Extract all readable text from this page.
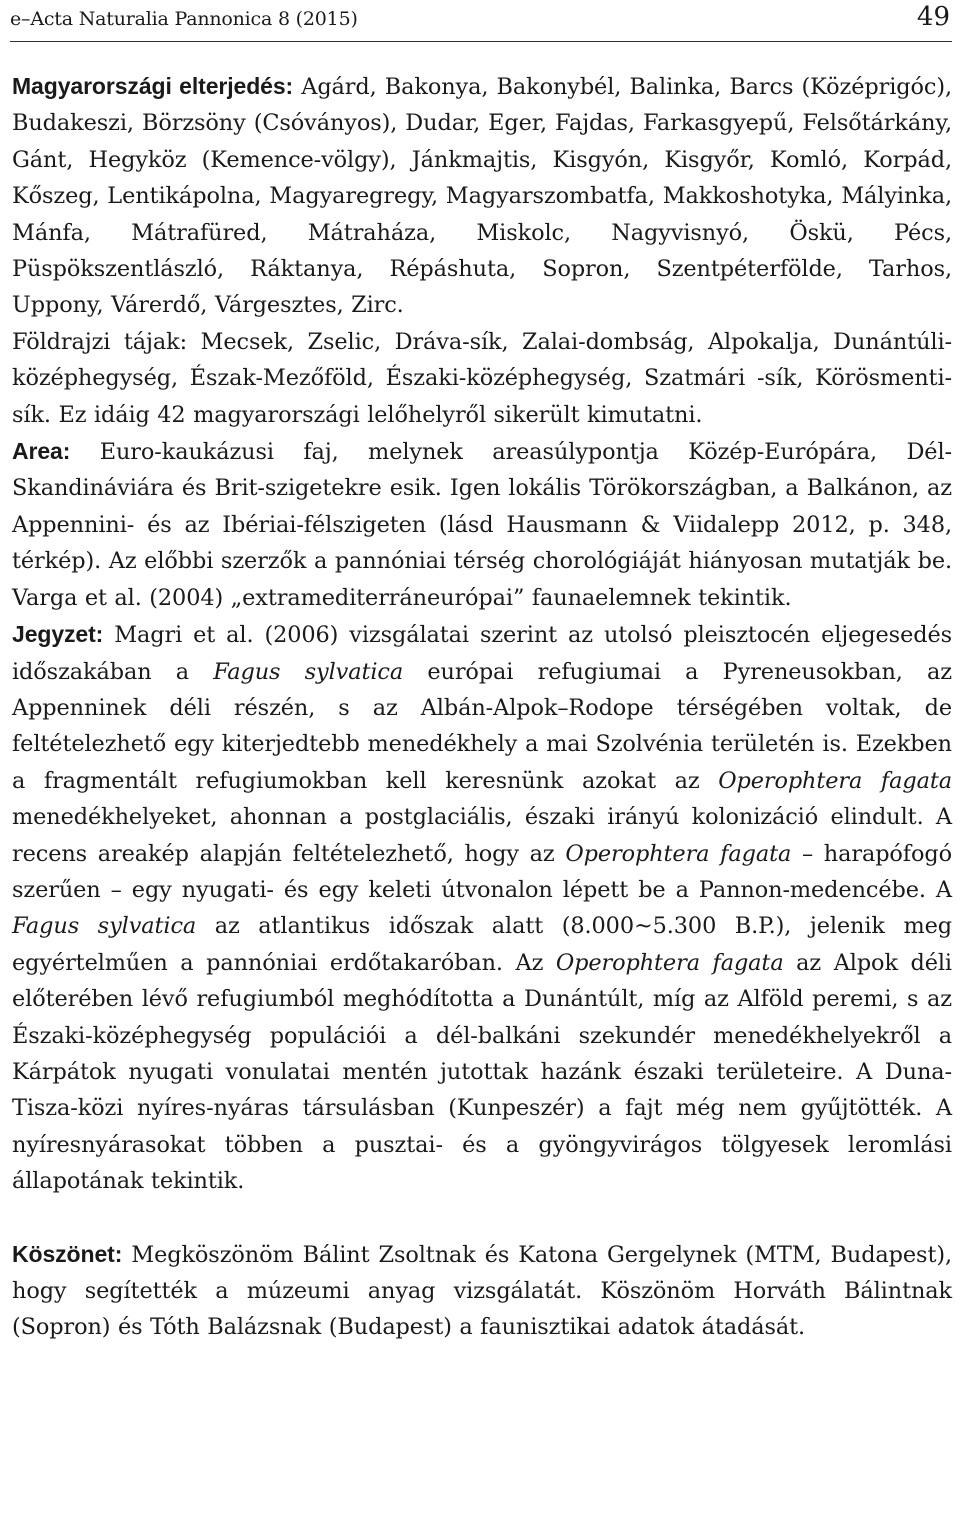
e–Acta Naturalia Pannonica 8 (2015)	49

Magyarországi elterjedés: Agárd, Bakonya, Bakonybél, Balinka, Barcs (Középrigóc), Budakeszi, Börzsöny (Csóványos), Dudar, Eger, Fajdas, Farkasgyepű, Felsőtárkány, Gánt, Hegyköz (Kemence-völgy), Jánkmajtis, Kisgyón, Kisgyőr, Komló, Korpád, Kőszeg, Lentikápolna, Magyaregregy, Magyarszombatfa, Makkoshotyka, Mályinka, Mánfa, Mátrafüred, Mátraháza, Miskolc, Nagyvisnyó, Öskü, Pécs, Püspökszentlászló, Ráktanya, Répáshuta, Sopron, Szentpéterfölde, Tarhos, Uppony, Várerdő, Várgesztes, Zirc.

Földrajzi tájak: Mecsek, Zselic, Dráva-sík, Zalai-dombság, Alpokalja, Dunántúli-középhegység, Észak-Mezőföld, Északi-középhegység, Szatmári -sík, Körösmenti-sík. Ez idáig 42 magyarországi lelőhelyről sikerült kimutatni.

Area: Euro-kaukázusi faj, melynek areasúlypontja Közép-Európára, Dél-Skandináviára és Brit-szigetekre esik. Igen lokális Törökországban, a Balkánon, az Appennini- és az Ibériai-félszigeten (lásd Hausmann & Viidalepp 2012, p. 348, térkép). Az előbbi szerzők a pannóniai térség chorológiáját hiányosan mutatják be. Varga et al. (2004) „extramediterráneurópai” faunaelemnek tekintik.

Jegyzet: Magri et al. (2006) vizsgálatai szerint az utolsó pleisztocén eljegesedés időszakában a Fagus sylvatica európai refugiumai a Pyreneusokban, az Appenninek déli részén, s az Albán-Alpok–Rodope térségében voltak, de feltételezhető egy kiterjedtebb menedékhely a mai Szolvénia területén is. Ezekben a fragmentált refugiumokban kell keresnünk azokat az Operophtera fagata menedékhelyeket, ahonnan a postglaciális, északi irányú kolonizáció elindult. A recens areakép alapján feltételezhető, hogy az Operophtera fagata – harapófogó szerűen – egy nyugati- és egy keleti útvonalon lépett be a Pannon-medencébe. A Fagus sylvatica az atlantikus időszak alatt (8.000~5.300 B.P.), jelenik meg egyértelműen a pannóniai erdőtakaróban. Az Operophtera fagata az Alpok déli előterében lévő refugiumból meghódította a Dunántúlt, míg az Alföld peremi, s az Északi-középhegység populációi a dél-balkáni szekundér menedékhelyekről a Kárpátok nyugati vonulatai mentén jutottak hazánk északi területeire. A Duna-Tisza-közi nyíres-nyáras társulásban (Kunpeszér) a fajt még nem gyűjtötték. A nyíresnyárasokat többen a pusztai- és a gyöngyvirágos tölgyesek leromlási állapotának tekintik.

Köszönet: Megköszönöm Bálint Zsoltnak és Katona Gergelynek (MTM, Budapest), hogy segítették a múzeumi anyag vizsgálatát. Köszönöm Horváth Bálintnak (Sopron) és Tóth Balázsnak (Budapest) a faunisztikai adatok átadását.
